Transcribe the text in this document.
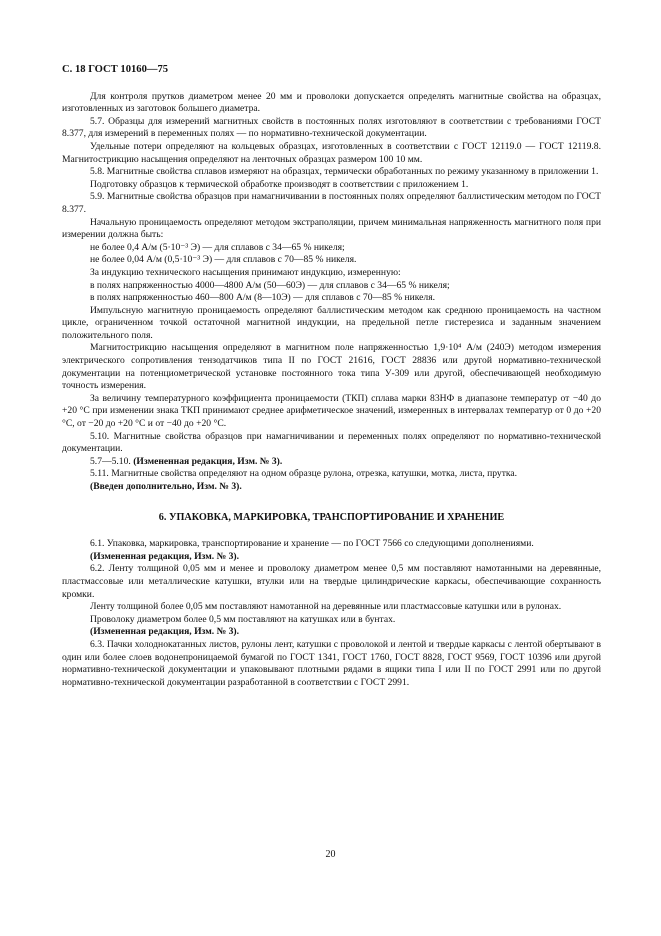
С. 18 ГОСТ 10160—75

Для контроля прутков диаметром менее 20 мм и проволоки допускается определять магнитные свойства на образцах, изготовленных из заготовок большего диаметра.

5.7. Образцы для измерений магнитных свойств в постоянных полях изготовляют в соответствии с требованиями ГОСТ 8.377, для измерений в переменных полях — по нормативно-технической документации.

Удельные потери определяют на кольцевых образцах, изготовленных в соответствии с ГОСТ 12119.0 — ГОСТ 12119.8. Магнитострикцию насыщения определяют на ленточных образцах размером 100 10 мм.

5.8. Магнитные свойства сплавов измеряют на образцах, термически обработанных по режиму указанному в приложении 1.

Подготовку образцов к термической обработке производят в соответствии с приложением 1.

5.9. Магнитные свойства образцов при намагничивании в постоянных полях определяют баллистическим методом по ГОСТ 8.377.

Начальную проницаемость определяют методом экстраполяции, причем минимальная напряженность магнитного поля при измерении должна быть:

не более 0,4 А/м (5·10⁻³ Э) — для сплавов с 34—65 % никеля;

не более 0,04 А/м (0,5·10⁻³ Э) — для сплавов с 70—85 % никеля.

За индукцию технического насыщения принимают индукцию, измеренную:

в полях напряженностью 4000—4800 А/м (50—60Э) — для сплавов с 34—65 % никеля;

в полях напряженностью 460—800 А/м (8—10Э) — для сплавов с 70—85 % никеля.

Импульсную магнитную проницаемость определяют баллистическим методом как среднюю проницаемость на частном цикле, ограниченном точкой остаточной магнитной индукции, на предельной петле гистерезиса и заданным значением положительного поля.

Магнитострикцию насыщения определяют в магнитном поле напряженностью 1,9·10⁴ А/м (240Э) методом измерения электрического сопротивления тензодатчиков типа II по ГОСТ 21616, ГОСТ 28836 или другой нормативно-технической документации на потенциометрической установке постоянного тока типа У-309 или другой, обеспечивающей необходимую точность измерения.

За величину температурного коэффициента проницаемости (ТКП) сплава марки 83НФ в диапазоне температур от −40 до +20 °С при изменении знака ТКП принимают среднее арифметическое значений, измеренных в интервалах температур от 0 до +20 °С, от −20 до +20 °С и от −40 до +20 °С.

5.10. Магнитные свойства образцов при намагничивании и переменных полях определяют по нормативно-технической документации.

5.7—5.10. (Измененная редакция, Изм. № 3).

5.11. Магнитные свойства определяют на одном образце рулона, отрезка, катушки, мотка, листа, прутка.

(Введен дополнительно, Изм. № 3).

6. УПАКОВКА, МАРКИРОВКА, ТРАНСПОРТИРОВАНИЕ И ХРАНЕНИЕ

6.1. Упаковка, маркировка, транспортирование и хранение — по ГОСТ 7566 со следующими дополнениями.

(Измененная редакция, Изм. № 3).

6.2. Ленту толщиной 0,05 мм и менее и проволоку диаметром менее 0,5 мм поставляют намотанными на деревянные, пластмассовые или металлические катушки, втулки или на твердые цилиндрические каркасы, обеспечивающие сохранность кромки.

Ленту толщиной более 0,05 мм поставляют намотанной на деревянные или пластмассовые катушки или в рулонах.

Проволоку диаметром более 0,5 мм поставляют на катушках или в бунтах.

(Измененная редакция, Изм. № 3).

6.3. Пачки холоднокатанных листов, рулоны лент, катушки с проволокой и лентой и твердые каркасы с лентой обертывают в один или более слоев водонепроницаемой бумагой по ГОСТ 1341, ГОСТ 1760, ГОСТ 8828, ГОСТ 9569, ГОСТ 10396 или другой нормативно-технической документации и упаковывают плотными рядами в ящики типа I или II по ГОСТ 2991 или по другой нормативно-технической документации разработанной в соответствии с ГОСТ 2991.

20
